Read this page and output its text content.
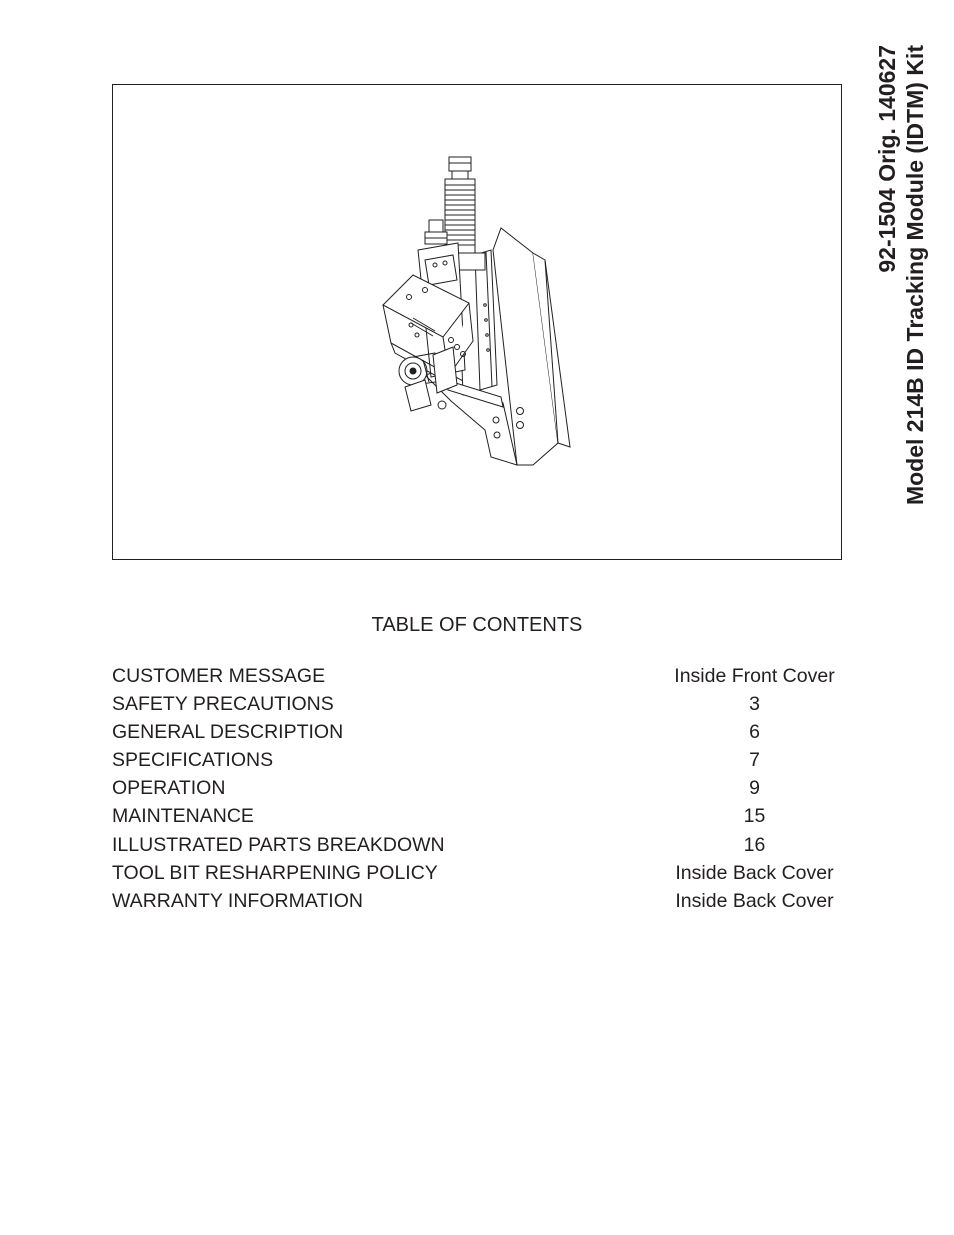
92-1504 Orig. 140627 Model 214B ID Tracking Module (IDTM) Kit
TABLE OF CONTENTS
CUSTOMER MESSAGE	Inside Front Cover
SAFETY PRECAUTIONS	3
GENERAL DESCRIPTION	6
SPECIFICATIONS	7
OPERATION	9
MAINTENANCE	15
ILLUSTRATED PARTS BREAKDOWN	16
TOOL BIT RESHARPENING POLICY	Inside Back Cover
WARRANTY INFORMATION	Inside Back Cover
